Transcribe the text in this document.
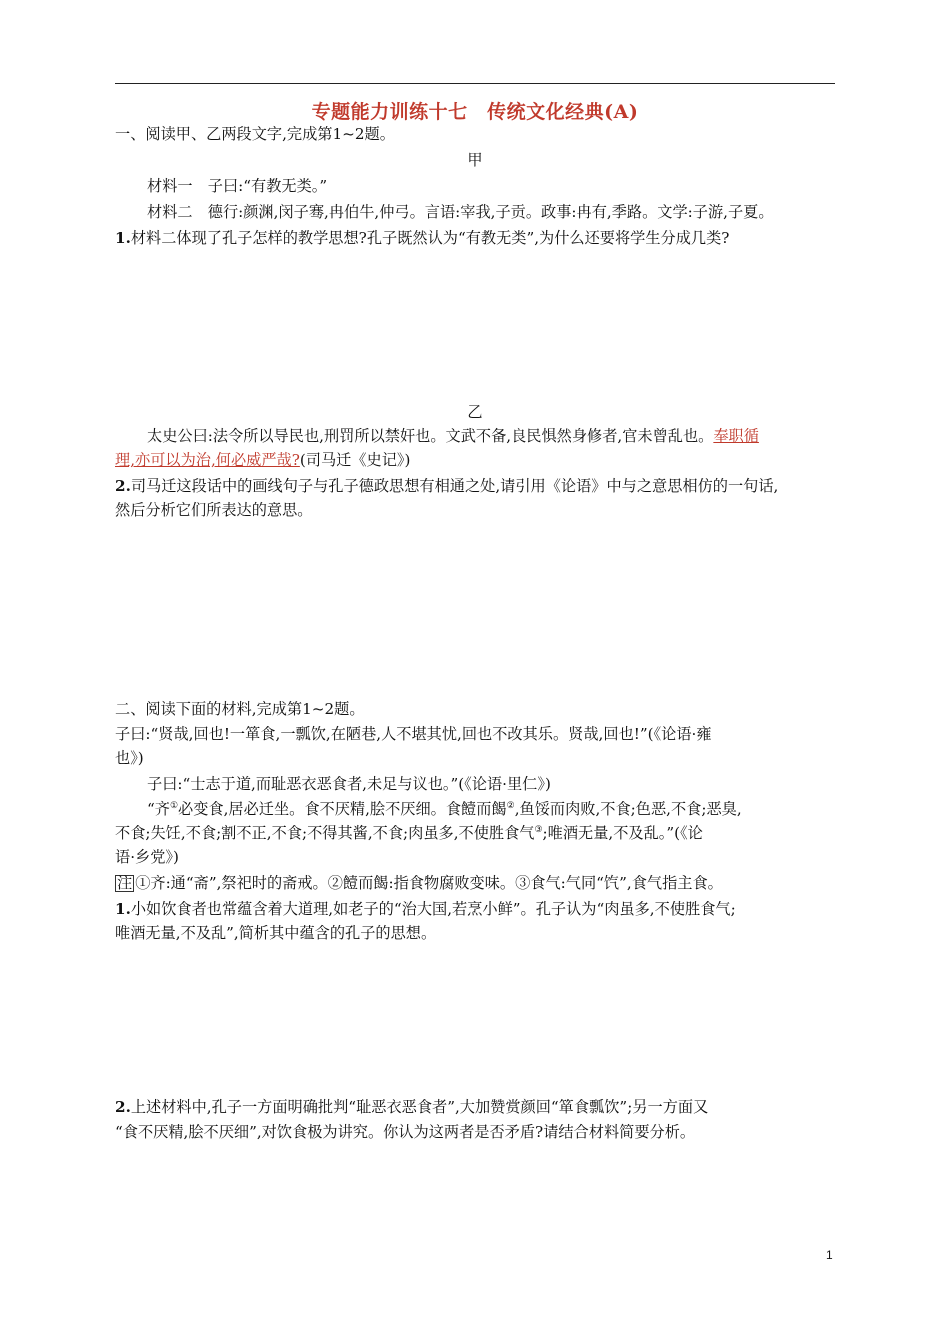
专题能力训练十七　传统文化经典(A)
一、阅读甲、乙两段文字,完成第1~2题。
甲
材料一　子曰:“有教无类。”
材料二　德行:颜渊,闵子骞,冉伯牛,仲弓。言语:宰我,子贡。政事:冉有,季路。文学:子游,子夏。
1.材料二体现了孔子怎样的教学思想?孔子既然认为“有教无类”,为什么还要将学生分成几类?
乙
太史公曰:法令所以导民也,刑罚所以禁奸也。文武不备,良民惧然身修者,官未曾乱也。奉职循
理,亦可以为治,何必威严哉?(司马迁《史记》)
2.司马迁这段话中的画线句子与孔子德政思想有相通之处,请引用《论语》中与之意思相仿的一句话,
然后分析它们所表达的意思。
二、阅读下面的材料,完成第1~2题。
子曰:“贤哉,回也!一箪食,一瓢饮,在陋巷,人不堪其忧,回也不改其乐。贤哉,回也!”(《论语·雍
也》)
子曰:“士志于道,而耻恶衣恶食者,未足与议也。”(《论语·里仁》)
“齐①必变食,居必迁坐。食不厌精,脍不厌细。食饐而餲②,鱼馁而肉败,不食;色恶,不食;恶臭,
不食;失饪,不食;割不正,不食;不得其酱,不食;肉虽多,不使胜食气③;唯酒无量,不及乱。”(《论
语·乡党》)
注 ①齐:通“斋”,祭祀时的斋戒。②饐而餲:指食物腐败变味。③食气:气同“饩”,食气指主食。
1.小如饮食者也常蕴含着大道理,如老子的“治大国,若烹小鲜”。孔子认为“肉虽多,不使胜食气;
唯酒无量,不及乱”,简析其中蕴含的孔子的思想。
2.上述材料中,孔子一方面明确批判“耻恶衣恶食者”,大加赞赏颜回“箪食瓢饮”;另一方面又
“食不厌精,脍不厌细”,对饮食极为讲究。你认为这两者是否矛盾?请结合材料简要分析。
1
